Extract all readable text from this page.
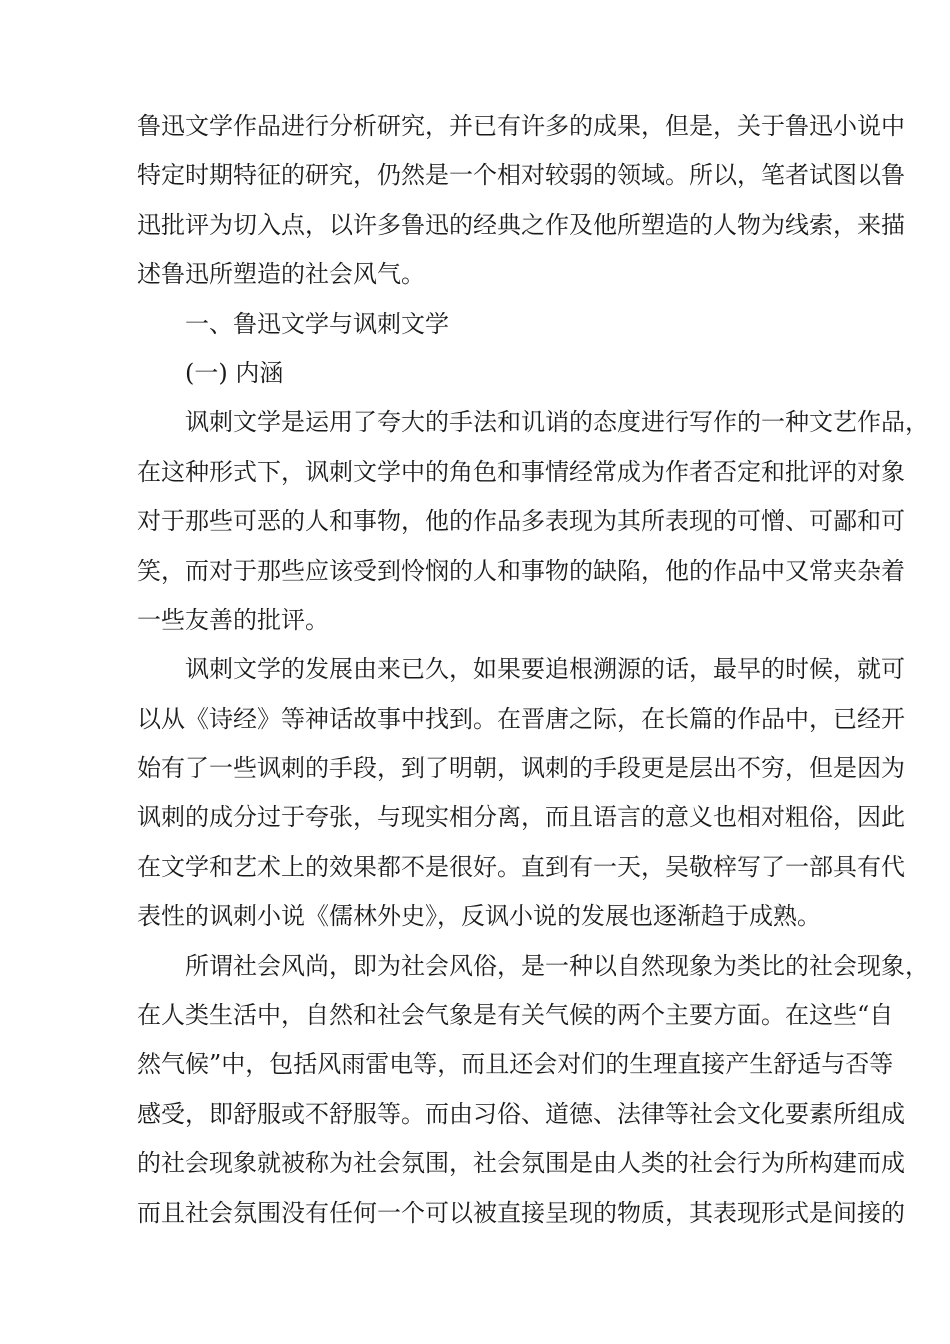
鲁迅文学作品进行分析研究，并已有许多的成果，但是，关于鲁迅小说中
特定时期特征的研究，仍然是一个相对较弱的领域。所以，笔者试图以鲁
迅批评为切入点，以许多鲁迅的经典之作及他所塑造的人物为线索，来描
述鲁迅所塑造的社会风气。
一、鲁迅文学与讽刺文学
(一) 内涵
讽刺文学是运用了夸大的手法和讥诮的态度进行写作的一种文艺作品，
在这种形式下，讽刺文学中的角色和事情经常成为作者否定和批评的对象
对于那些可恶的人和事物，他的作品多表现为其所表现的可憎、可鄙和可
笑，而对于那些应该受到怜悯的人和事物的缺陷，他的作品中又常夹杂着
一些友善的批评。
讽刺文学的发展由来已久，如果要追根溯源的话，最早的时候，就可
以从《诗经》等神话故事中找到。在晋唐之际，在长篇的作品中，已经开
始有了一些讽刺的手段，到了明朝，讽刺的手段更是层出不穷，但是因为
讽刺的成分过于夸张，与现实相分离，而且语言的意义也相对粗俗，因此
在文学和艺术上的效果都不是很好。直到有一天，吴敬梓写了一部具有代
表性的讽刺小说《儒林外史》，反讽小说的发展也逐渐趋于成熟。
所谓社会风尚，即为社会风俗，是一种以自然现象为类比的社会现象，
在人类生活中，自然和社会气象是有关气候的两个主要方面。在这些“自
然气候”中，包括风雨雷电等，而且还会对们的生理直接产生舒适与否等
感受，即舒服或不舒服等。而由习俗、道德、法律等社会文化要素所组成
的社会现象就被称为社会氛围，社会氛围是由人类的社会行为所构建而成
而且社会氛围没有任何一个可以被直接呈现的物质，其表现形式是间接的
